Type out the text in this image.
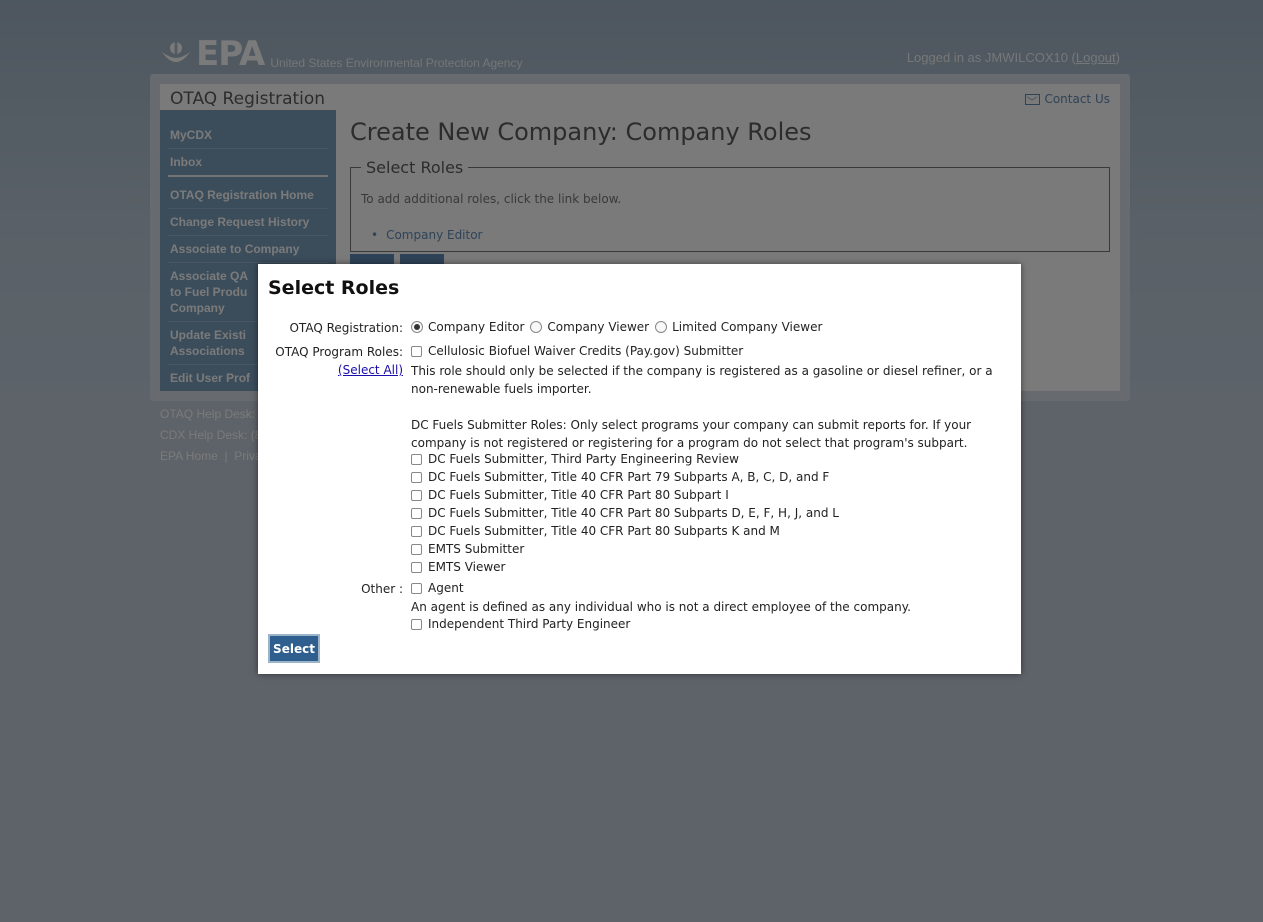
•
Select Roles
OTAQ Registration: Company Editor Company Viewer Limited Company Viewer
OTAQ Program Roles:
(Select All)
Cellulosic Biofuel Waiver Credits (Pay.gov) Submitter
This role should only be selected if the company is registered as a gasoline or diesel refiner, or a non-renewable fuels importer.
DC Fuels Submitter Roles: Only select programs your company can submit reports for. If your company is not registered or registering for a program do not select that program's subpart.
DC Fuels Submitter, Third Party Engineering Review
DC Fuels Submitter, Title 40 CFR Part 79 Subparts A, B, C, D, and F
DC Fuels Submitter, Title 40 CFR Part 80 Subpart I
DC Fuels Submitter, Title 40 CFR Part 80 Subparts D, E, F, H, J, and L
DC Fuels Submitter, Title 40 CFR Part 80 Subparts K and M
EMTS Submitter
EMTS Viewer
Other : Agent
An agent is defined as any individual who is not a direct employee of the company.
Independent Third Party Engineer
Select
